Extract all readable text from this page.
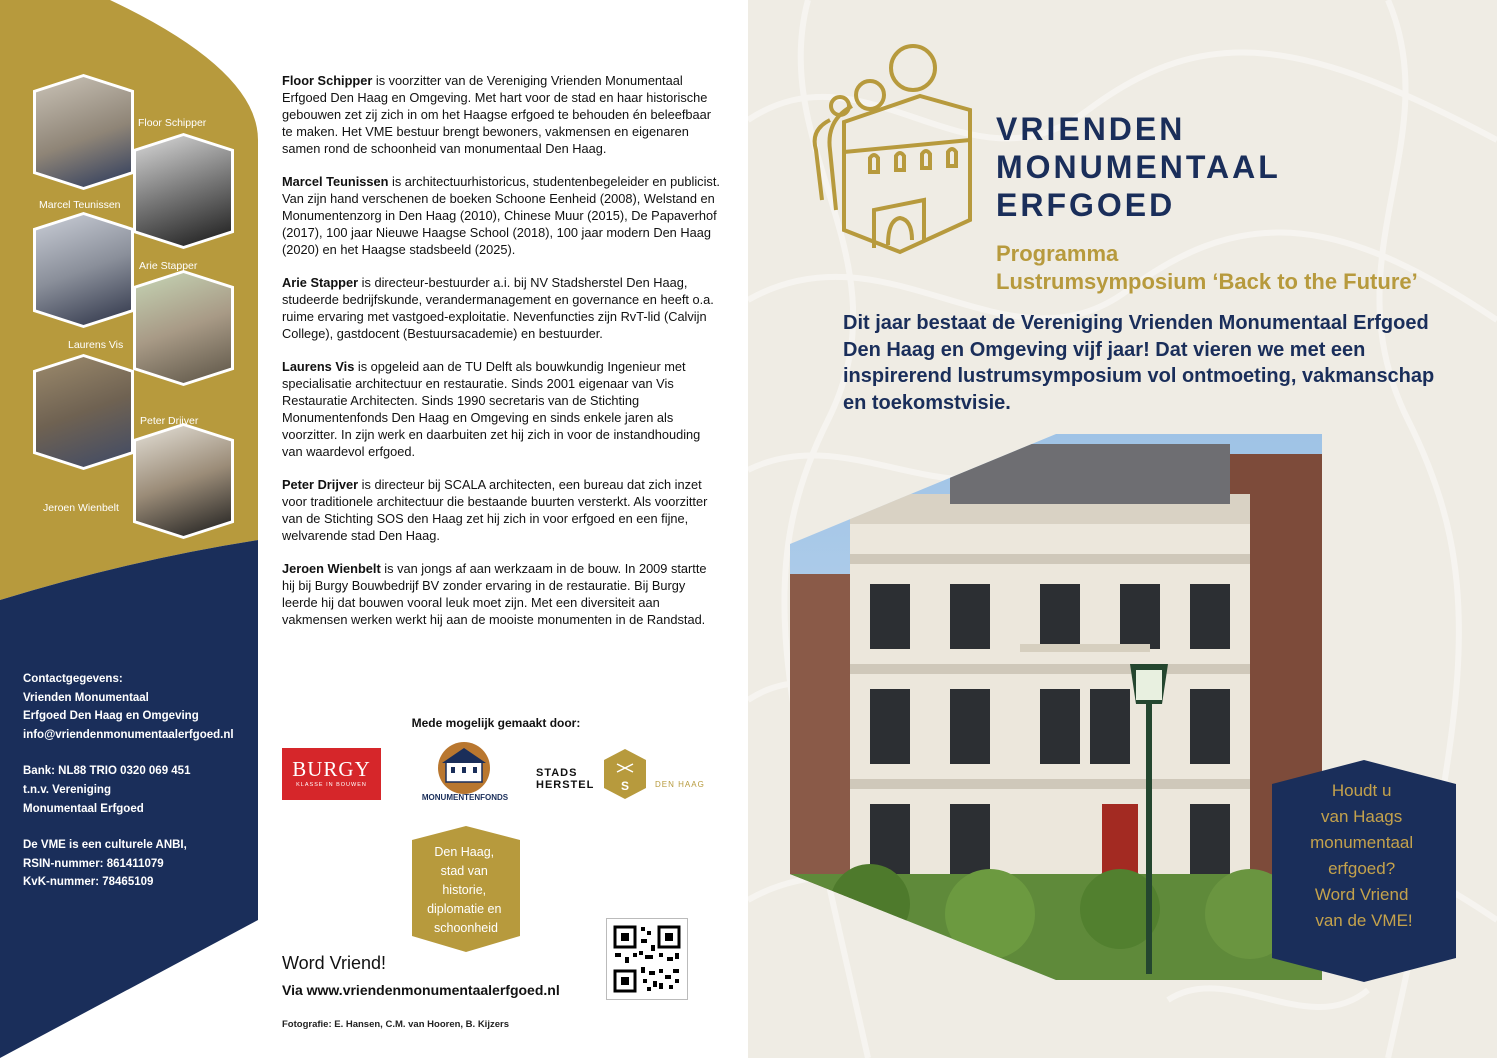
Floor Schipper
Marcel Teunissen
Arie Stapper
Laurens Vis
Peter Drijver
Jeroen Wienbelt
Contactgegevens:
Vrienden Monumentaal
Erfgoed Den Haag en Omgeving
info@vriendenmonumentaalerfgoed.nl
Bank: NL88 TRIO 0320 069 451
t.n.v. Vereniging
Monumentaal Erfgoed
De VME is een culturele ANBI,
RSIN-nummer: 861411079
KvK-nummer: 78465109

Floor Schipper is voorzitter van de Vereniging Vrienden Monumentaal Erfgoed Den Haag en Omgeving. Met hart voor de stad en haar historische gebouwen zet zij zich in om het Haagse erfgoed te behouden én beleefbaar te maken. Het VME bestuur brengt bewoners, vakmensen en eigenaren samen rond de schoonheid van monumentaal Den Haag.

Marcel Teunissen is architectuurhistoricus, studentenbegeleider en publicist. Van zijn hand verschenen de boeken Schoone Eenheid (2008), Welstand en Monumentenzorg in Den Haag (2010), Chinese Muur (2015), De Papaverhof (2017), 100 jaar Nieuwe Haagse School (2018), 100 jaar modern Den Haag (2020) en het Haagse stadsbeeld (2025).

Arie Stapper is directeur-bestuurder a.i. bij NV Stadsherstel Den Haag, studeerde bedrijfskunde, verandermanagement en governance en heeft o.a. ruime ervaring met vastgoed-exploitatie. Nevenfuncties zijn RvT-lid (Calvijn College), gastdocent (Bestuursacademie) en bestuurder.

Laurens Vis is opgeleid aan de TU Delft als bouwkundig Ingenieur met specialisatie architectuur en restauratie. Sinds 2001 eigenaar van Vis Restauratie Architecten. Sinds 1990 secretaris van de Stichting Monumentenfonds Den Haag en Omgeving en sinds enkele jaren als voorzitter. In zijn werk en daarbuiten zet hij zich in voor de instandhouding van waardevol erfgoed.

Peter Drijver is directeur bij SCALA architecten, een bureau dat zich inzet voor traditionele architectuur die bestaande buurten versterkt. Als voorzitter van de Stichting SOS den Haag zet hij zich in voor erfgoed en een fijne, welvarende stad Den Haag.

Jeroen Wienbelt is van jongs af aan werkzaam in de bouw. In 2009 startte hij bij Burgy Bouwbedrijf BV zonder ervaring in de restauratie. Bij Burgy leerde hij dat bouwen vooral leuk moet zijn. Met een diversiteit aan vakmensen werken werkt hij aan de mooiste monumenten in de Randstad.

Mede mogelijk gemaakt door:
BURGY
KLASSE IN BOUWEN
MONUMENTENFONDS
STADS
HERSTEL S	DEN HAAG
Den Haag, stad van historie, diplomatie en schoonheid
Word Vriend!
Via www.vriendenmonumentaalerfgoed.nl
Fotografie: E. Hansen, C.M. van Hooren, B. Kijzers
VRIENDEN
MONUMENTAAL
ERFGOED
Programma
Lustrumsymposium ‘Back to the Future’
Dit jaar bestaat de Vereniging Vrienden Monumentaal Erfgoed Den Haag en Omgeving vijf jaar! Dat vieren we met een inspirerend lustrumsymposium vol ontmoeting, vakmanschap en toekomstvisie.
Houdt u van Haags monumentaal erfgoed? Word Vriend van de VME!
